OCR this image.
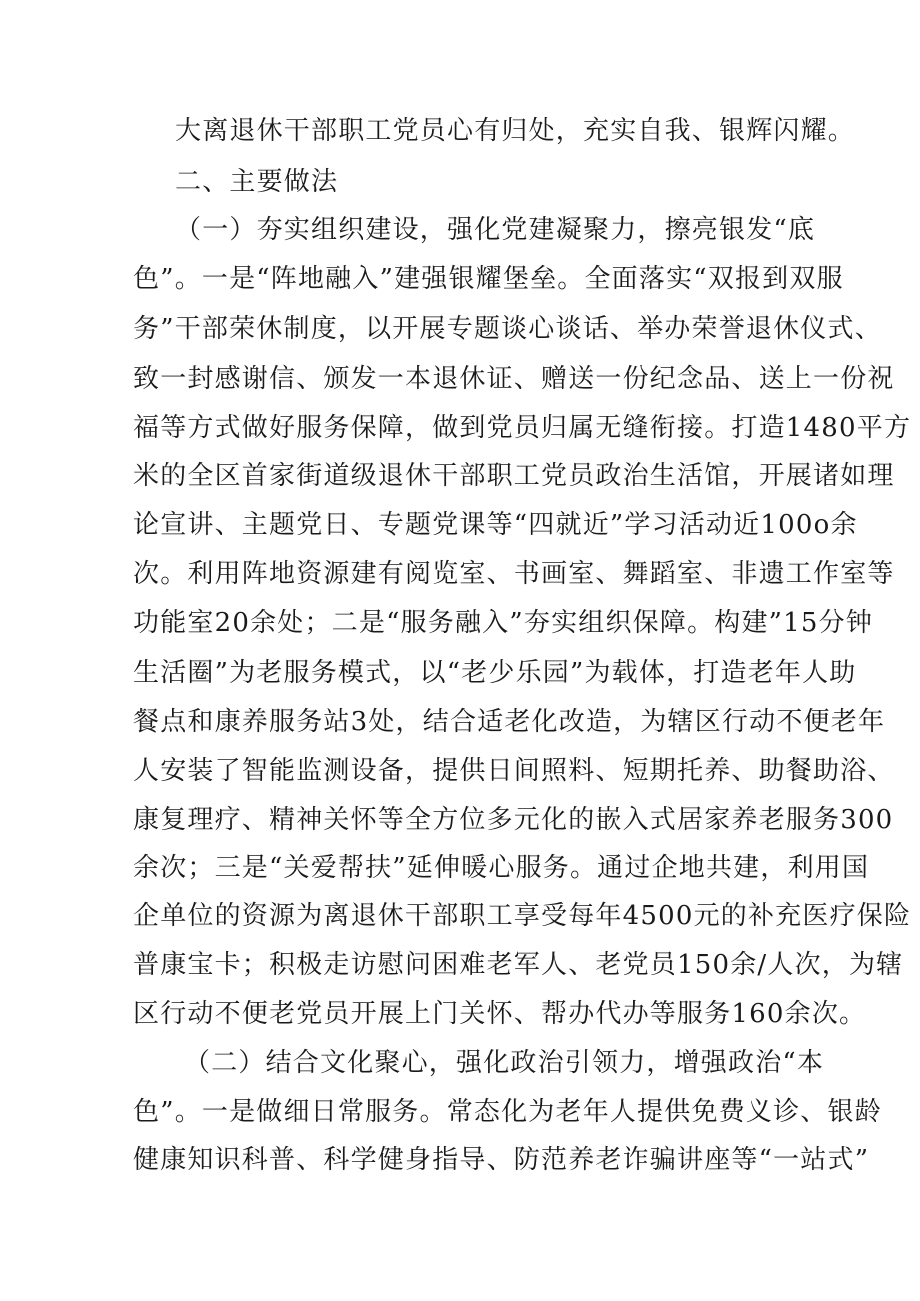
大离退休干部职工党员心有归处，充实自我、银辉闪耀。
二、主要做法
（一）夯实组织建设，强化党建凝聚力，擦亮银发“底
色”。一是“阵地融入”建强银耀堡垒。全面落实“双报到双服
务”干部荣休制度，以开展专题谈心谈话、举办荣誉退休仪式、
致一封感谢信、颁发一本退休证、赠送一份纪念品、送上一份祝
福等方式做好服务保障，做到党员归属无缝衔接。打造1480平方
米的全区首家街道级退休干部职工党员政治生活馆，开展诸如理
论宣讲、主题党日、专题党课等“四就近”学习活动近100o余
次。利用阵地资源建有阅览室、书画室、舞蹈室、非遗工作室等
功能室20余处；二是“服务融入”夯实组织保障。构建”15分钟
生活圈”为老服务模式，以“老少乐园”为载体，打造老年人助
餐点和康养服务站3处，结合适老化改造，为辖区行动不便老年
人安装了智能监测设备，提供日间照料、短期托养、助餐助浴、
康复理疗、精神关怀等全方位多元化的嵌入式居家养老服务300
余次；三是“关爱帮扶”延伸暖心服务。通过企地共建，利用国
企单位的资源为离退休干部职工享受每年4500元的补充医疗保险
普康宝卡；积极走访慰问困难老军人、老党员150余/人次，为辖
区行动不便老党员开展上门关怀、帮办代办等服务160余次。
（二）结合文化聚心，强化政治引领力，增强政治“本
色”。一是做细日常服务。常态化为老年人提供免费义诊、银龄
健康知识科普、科学健身指导、防范养老诈骗讲座等“一站式”
